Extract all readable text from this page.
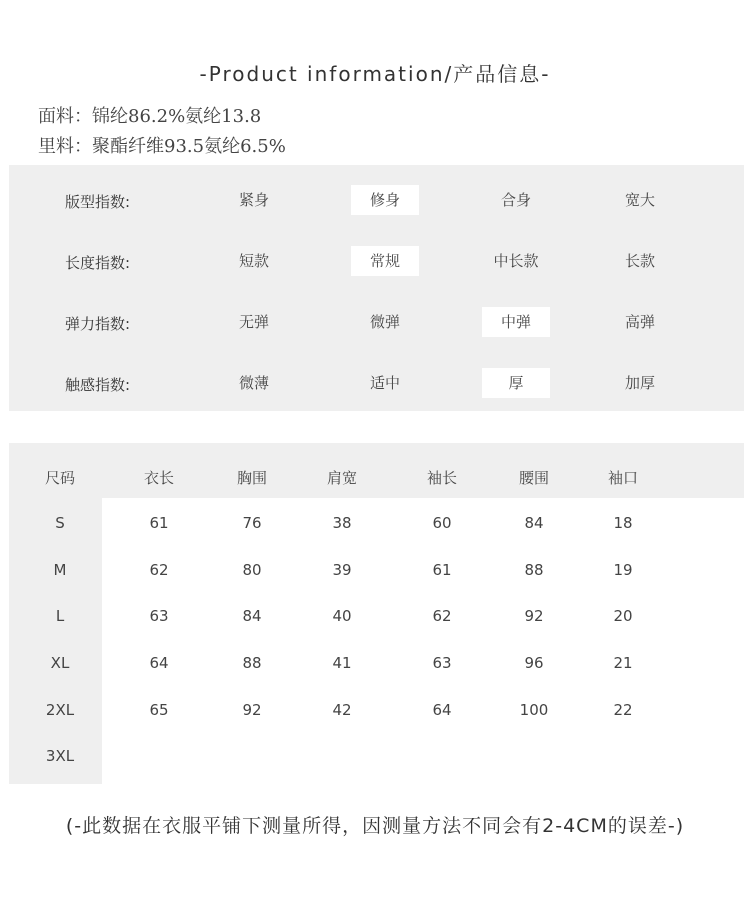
-Product information/产品信息-
面料：锦纶86.2%氨纶13.8
里料：聚酯纤维93.5氨纶6.5%
版型指数:	紧身	修身	合身	宽大
长度指数:	短款	常规	中长款	长款
弹力指数:	无弹	微弹	中弹	高弹
触感指数:	微薄	适中	厚	加厚
尺码	衣长	胸围	肩宽	袖长	腰围	袖口
S	61	76	38	60	84	18
M	62	80	39	61	88	19
L	63	84	40	62	92	20
XL	64	88	41	63	96	21
2XL	65	92	42	64	100	22
3XL
(-此数据在衣服平铺下测量所得，因测量方法不同会有2-4CM的误差-)
